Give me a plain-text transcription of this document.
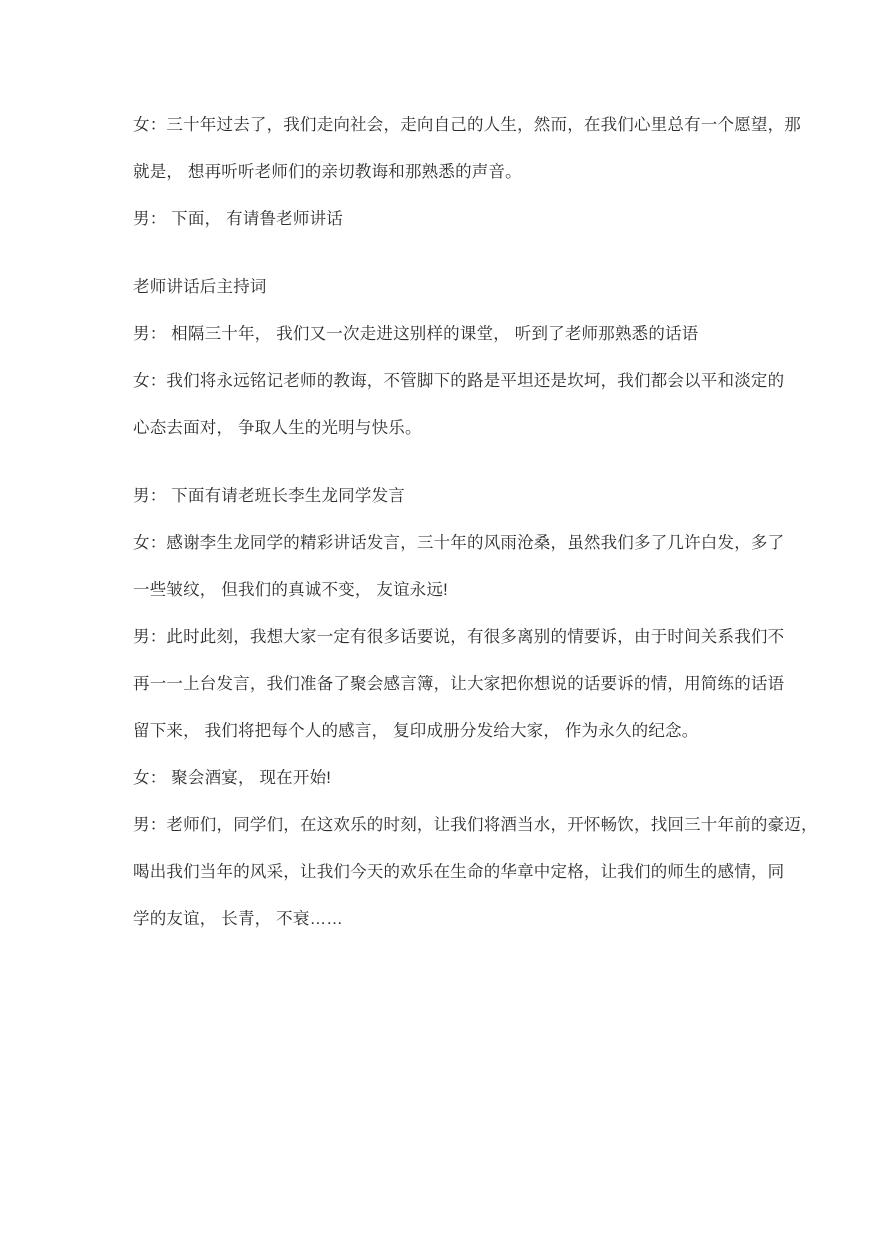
女：三十年过去了，我们走向社会，走向自己的人生，然而，在我们心里总有一个愿望，那
就是， 想再听听老师们的亲切教诲和那熟悉的声音。
男： 下面， 有请鲁老师讲话
老师讲话后主持词
男： 相隔三十年， 我们又一次走进这别样的课堂， 听到了老师那熟悉的话语
女：我们将永远铭记老师的教诲，不管脚下的路是平坦还是坎坷，我们都会以平和淡定的
心态去面对， 争取人生的光明与快乐。
男： 下面有请老班长李生龙同学发言
女：感谢李生龙同学的精彩讲话发言，三十年的风雨沧桑，虽然我们多了几许白发，多了
一些皱纹， 但我们的真诚不变， 友谊永远!
男：此时此刻，我想大家一定有很多话要说，有很多离别的情要诉，由于时间关系我们不
再一一上台发言，我们准备了聚会感言簿，让大家把你想说的话要诉的情，用简练的话语
留下来， 我们将把每个人的感言， 复印成册分发给大家， 作为永久的纪念。
女： 聚会酒宴， 现在开始!
男：老师们，同学们，在这欢乐的时刻，让我们将酒当水，开怀畅饮，找回三十年前的豪迈，
喝出我们当年的风采，让我们今天的欢乐在生命的华章中定格，让我们的师生的感情，同
学的友谊， 长青， 不衰……
